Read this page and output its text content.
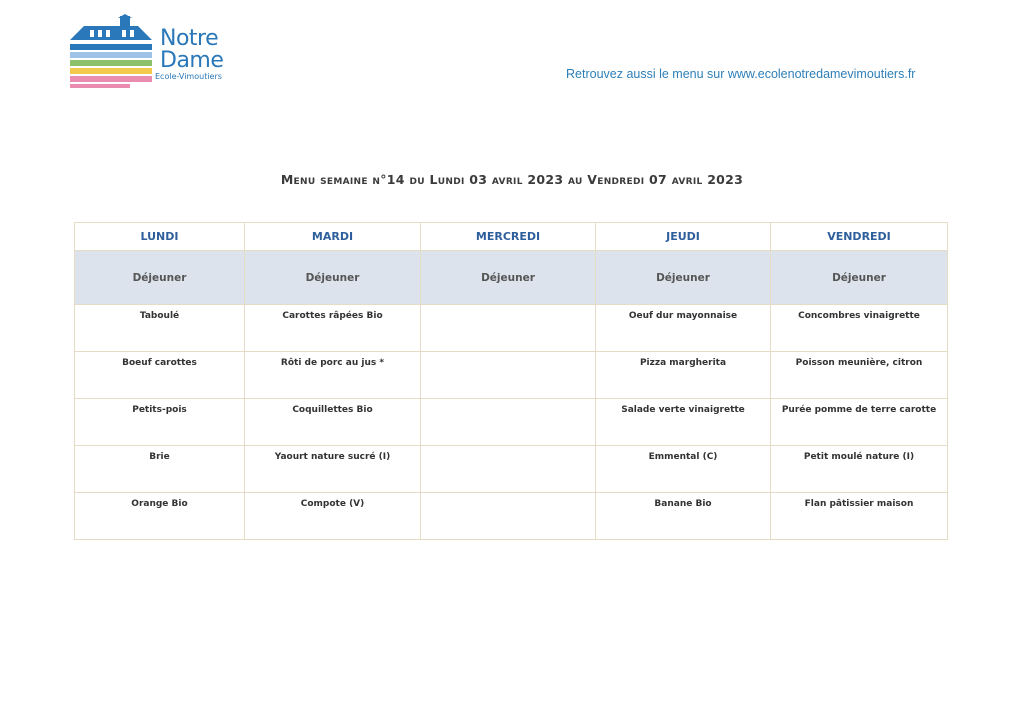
Notre
Dame
Ecole-Vimoutiers	Retrouvez aussi le menu sur www.ecolenotredamevimoutiers.fr
Menu semaine n°14 du Lundi 03 avril 2023 au Vendredi 07 avril 2023
LUNDI	MARDI	MERCREDI	JEUDI	VENDREDI
Déjeuner	Déjeuner	Déjeuner	Déjeuner	Déjeuner
Taboulé	Carottes râpées Bio		Oeuf dur mayonnaise	Concombres vinaigrette
Boeuf carottes	Rôti de porc au jus *		Pizza margherita	Poisson meunière, citron
Petits-pois	Coquillettes Bio		Salade verte vinaigrette	Purée pomme de terre carotte
Brie	Yaourt nature sucré (I)		Emmental (C)	Petit moulé nature (I)
Orange Bio	Compote (V)		Banane Bio	Flan pâtissier maison
